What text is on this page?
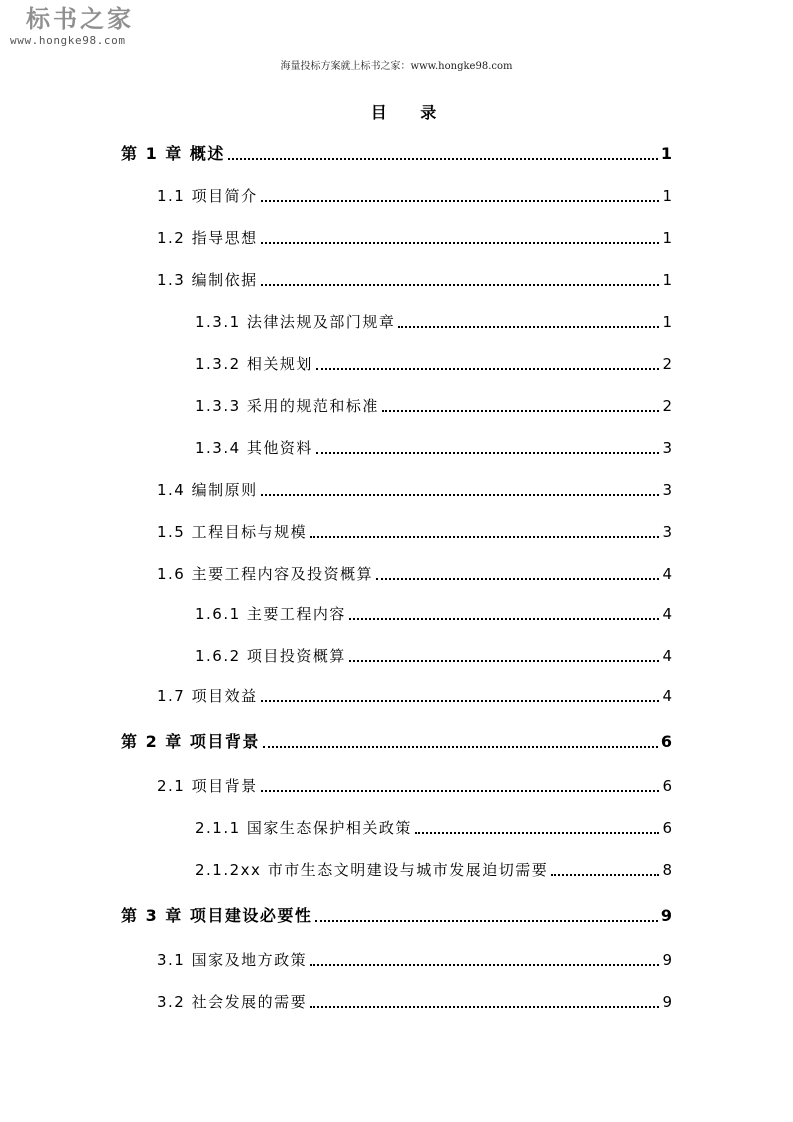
标书之家
www.hongke98.com
海量投标方案就上标书之家：www.hongke98.com
目 录
第 1 章 概述	1
1.1 项目简介	1
1.2 指导思想	1
1.3 编制依据	1
1.3.1 法律法规及部门规章	1
1.3.2 相关规划	2
1.3.3 采用的规范和标准	2
1.3.4 其他资料	3
1.4 编制原则	3
1.5 工程目标与规模	3
1.6 主要工程内容及投资概算	4
1.6.1 主要工程内容	4
1.6.2 项目投资概算	4
1.7 项目效益	4
第 2 章 项目背景	6
2.1 项目背景	6
2.1.1 国家生态保护相关政策	6
2.1.2xx 市市生态文明建设与城市发展迫切需要	8
第 3 章 项目建设必要性	9
3.1 国家及地方政策	9
3.2 社会发展的需要	9
